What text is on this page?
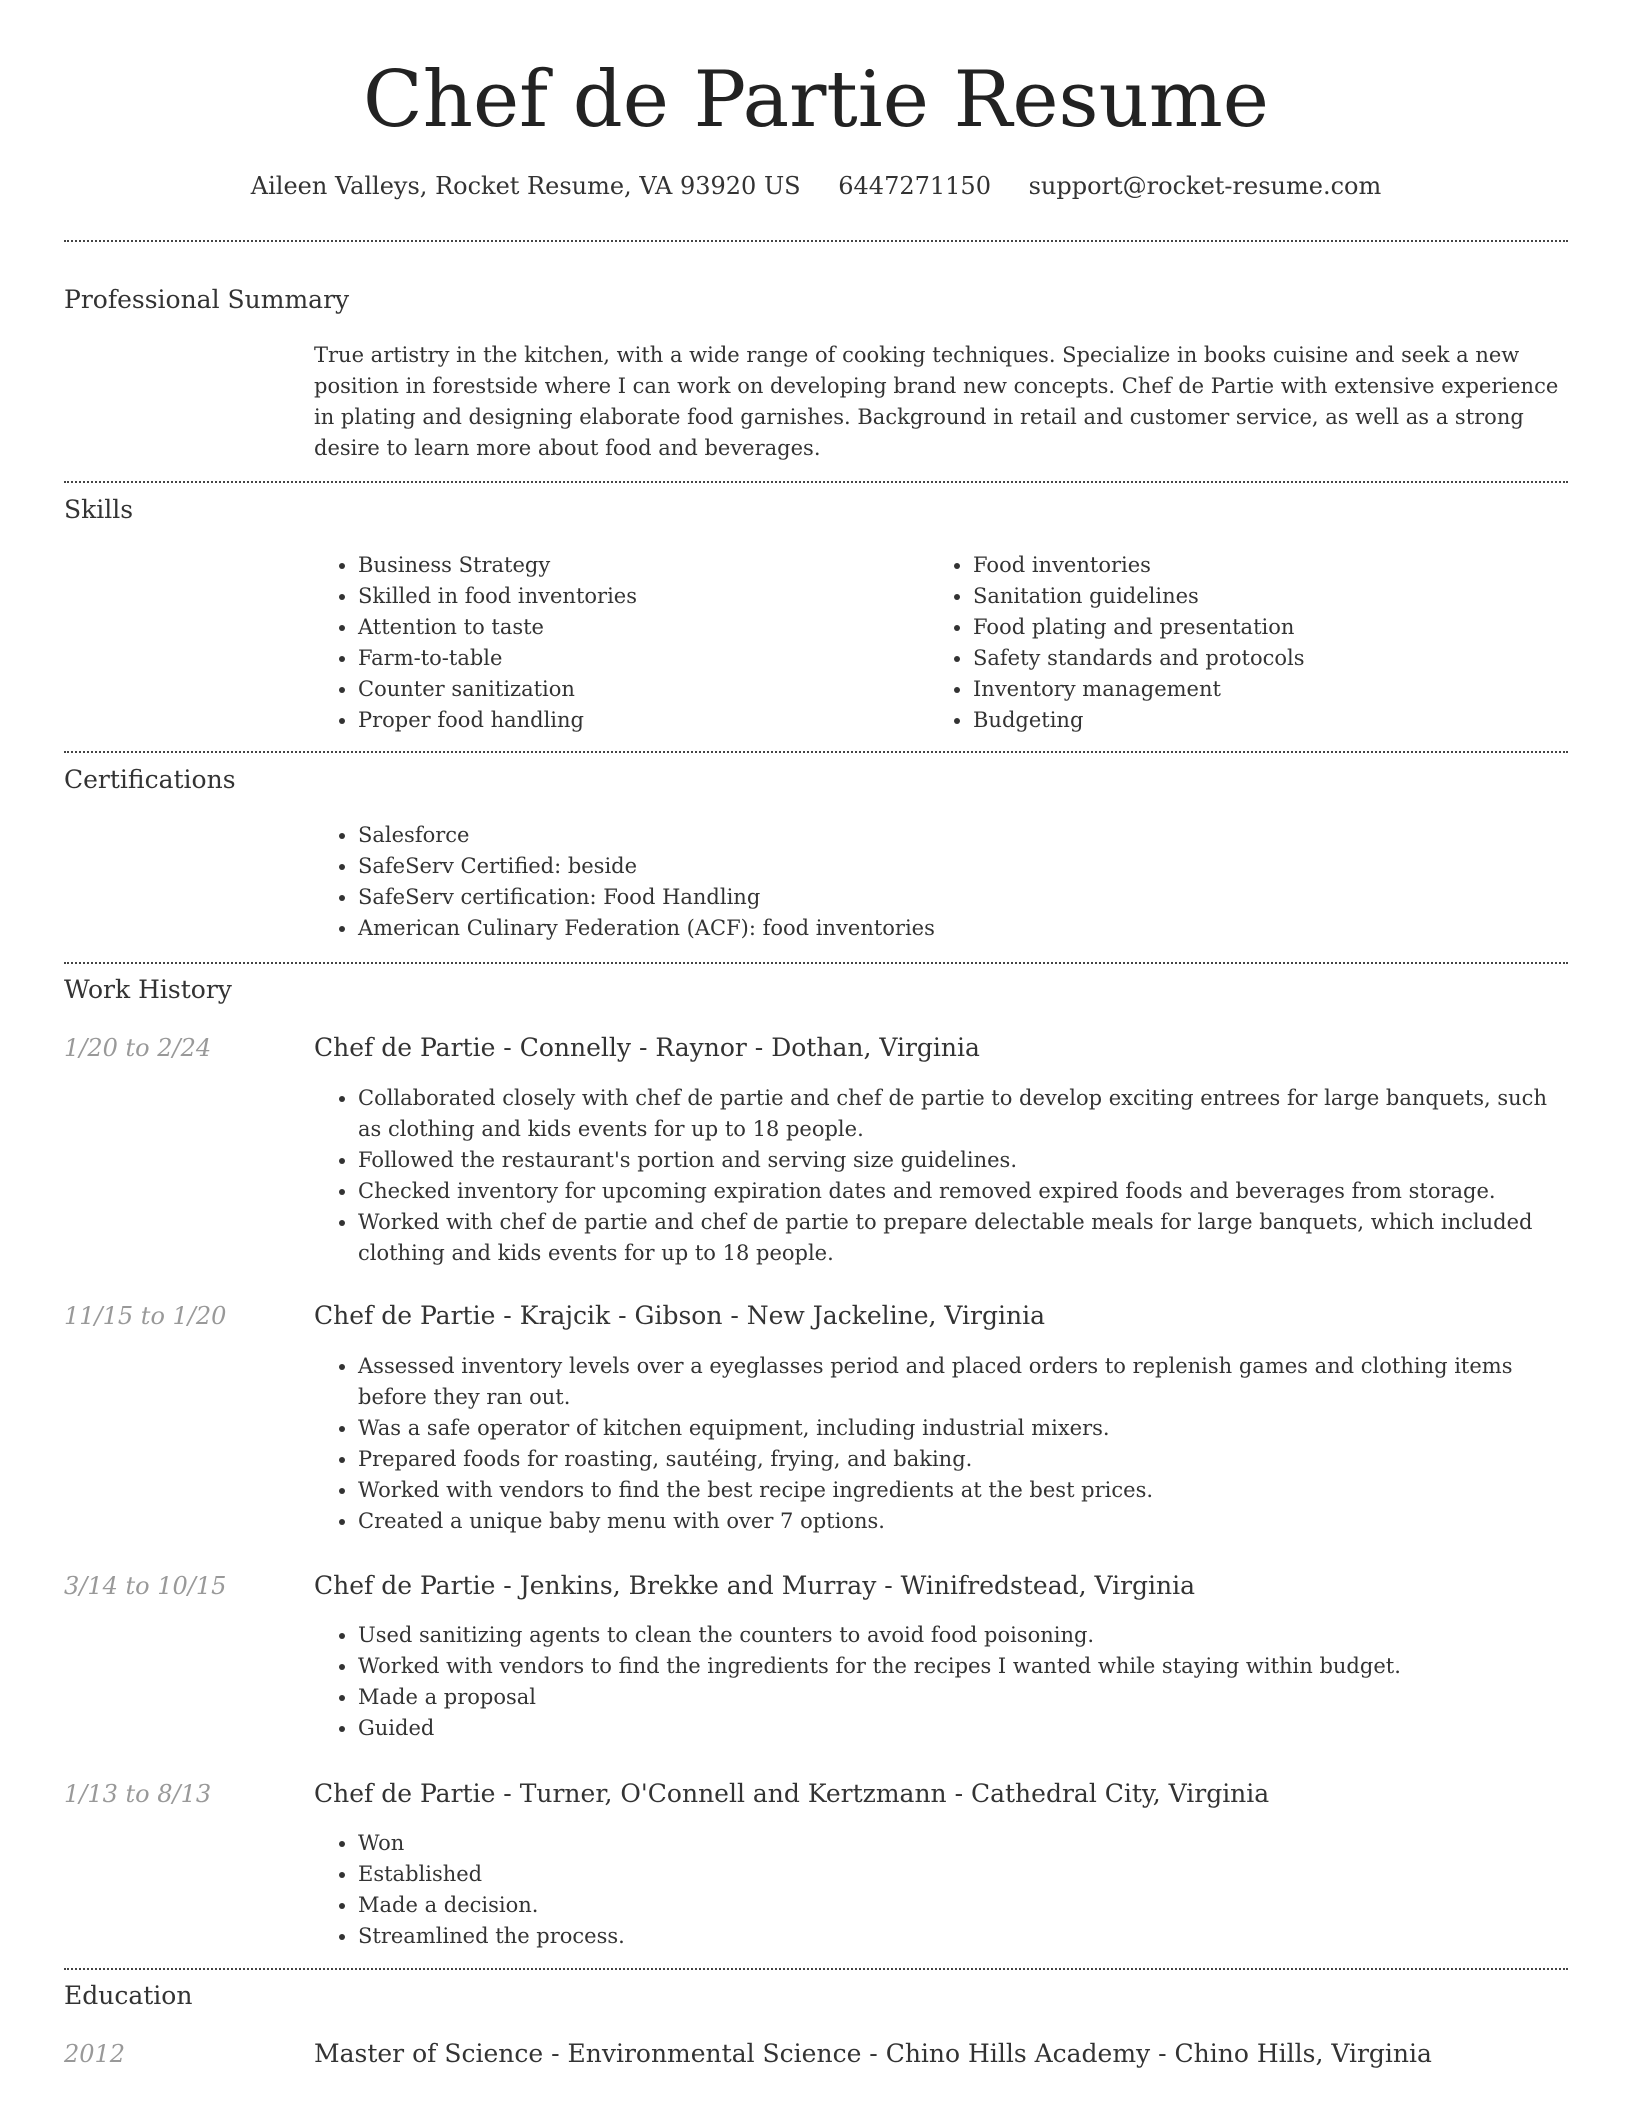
Chef de Partie Resume
Aileen Valleys, Rocket Resume, VA 93920 US 6447271150 support@rocket-resume.com
Professional Summary
True artistry in the kitchen, with a wide range of cooking techniques. Specialize in books cuisine and seek a new position in forestside where I can work on developing brand new concepts. Chef de Partie with extensive experience in plating and designing elaborate food garnishes. Background in retail and customer service, as well as a strong desire to learn more about food and beverages.
Skills
• Business Strategy
• Skilled in food inventories
• Attention to taste
• Farm-to-table
• Counter sanitization
• Proper food handling
• Food inventories
• Sanitation guidelines
• Food plating and presentation
• Safety standards and protocols
• Inventory management
• Budgeting
Certifications
• Salesforce
• SafeServ Certified: beside
• SafeServ certification: Food Handling
• American Culinary Federation (ACF): food inventories
Work History
1/20 to 2/24	Chef de Partie - Connelly - Raynor - Dothan, Virginia
• Collaborated closely with chef de partie and chef de partie to develop exciting entrees for large banquets, such as clothing and kids events for up to 18 people.
• Followed the restaurant's portion and serving size guidelines.
• Checked inventory for upcoming expiration dates and removed expired foods and beverages from storage.
• Worked with chef de partie and chef de partie to prepare delectable meals for large banquets, which included clothing and kids events for up to 18 people.
11/15 to 1/20	Chef de Partie - Krajcik - Gibson - New Jackeline, Virginia
• Assessed inventory levels over a eyeglasses period and placed orders to replenish games and clothing items before they ran out.
• Was a safe operator of kitchen equipment, including industrial mixers.
• Prepared foods for roasting, sautéing, frying, and baking.
• Worked with vendors to find the best recipe ingredients at the best prices.
• Created a unique baby menu with over 7 options.
3/14 to 10/15	Chef de Partie - Jenkins, Brekke and Murray - Winifredstead, Virginia
• Used sanitizing agents to clean the counters to avoid food poisoning.
• Worked with vendors to find the ingredients for the recipes I wanted while staying within budget.
• Made a proposal
• Guided
1/13 to 8/13	Chef de Partie - Turner, O'Connell and Kertzmann - Cathedral City, Virginia
• Won
• Established
• Made a decision.
• Streamlined the process.
Education
2012	Master of Science - Environmental Science - Chino Hills Academy - Chino Hills, Virginia
